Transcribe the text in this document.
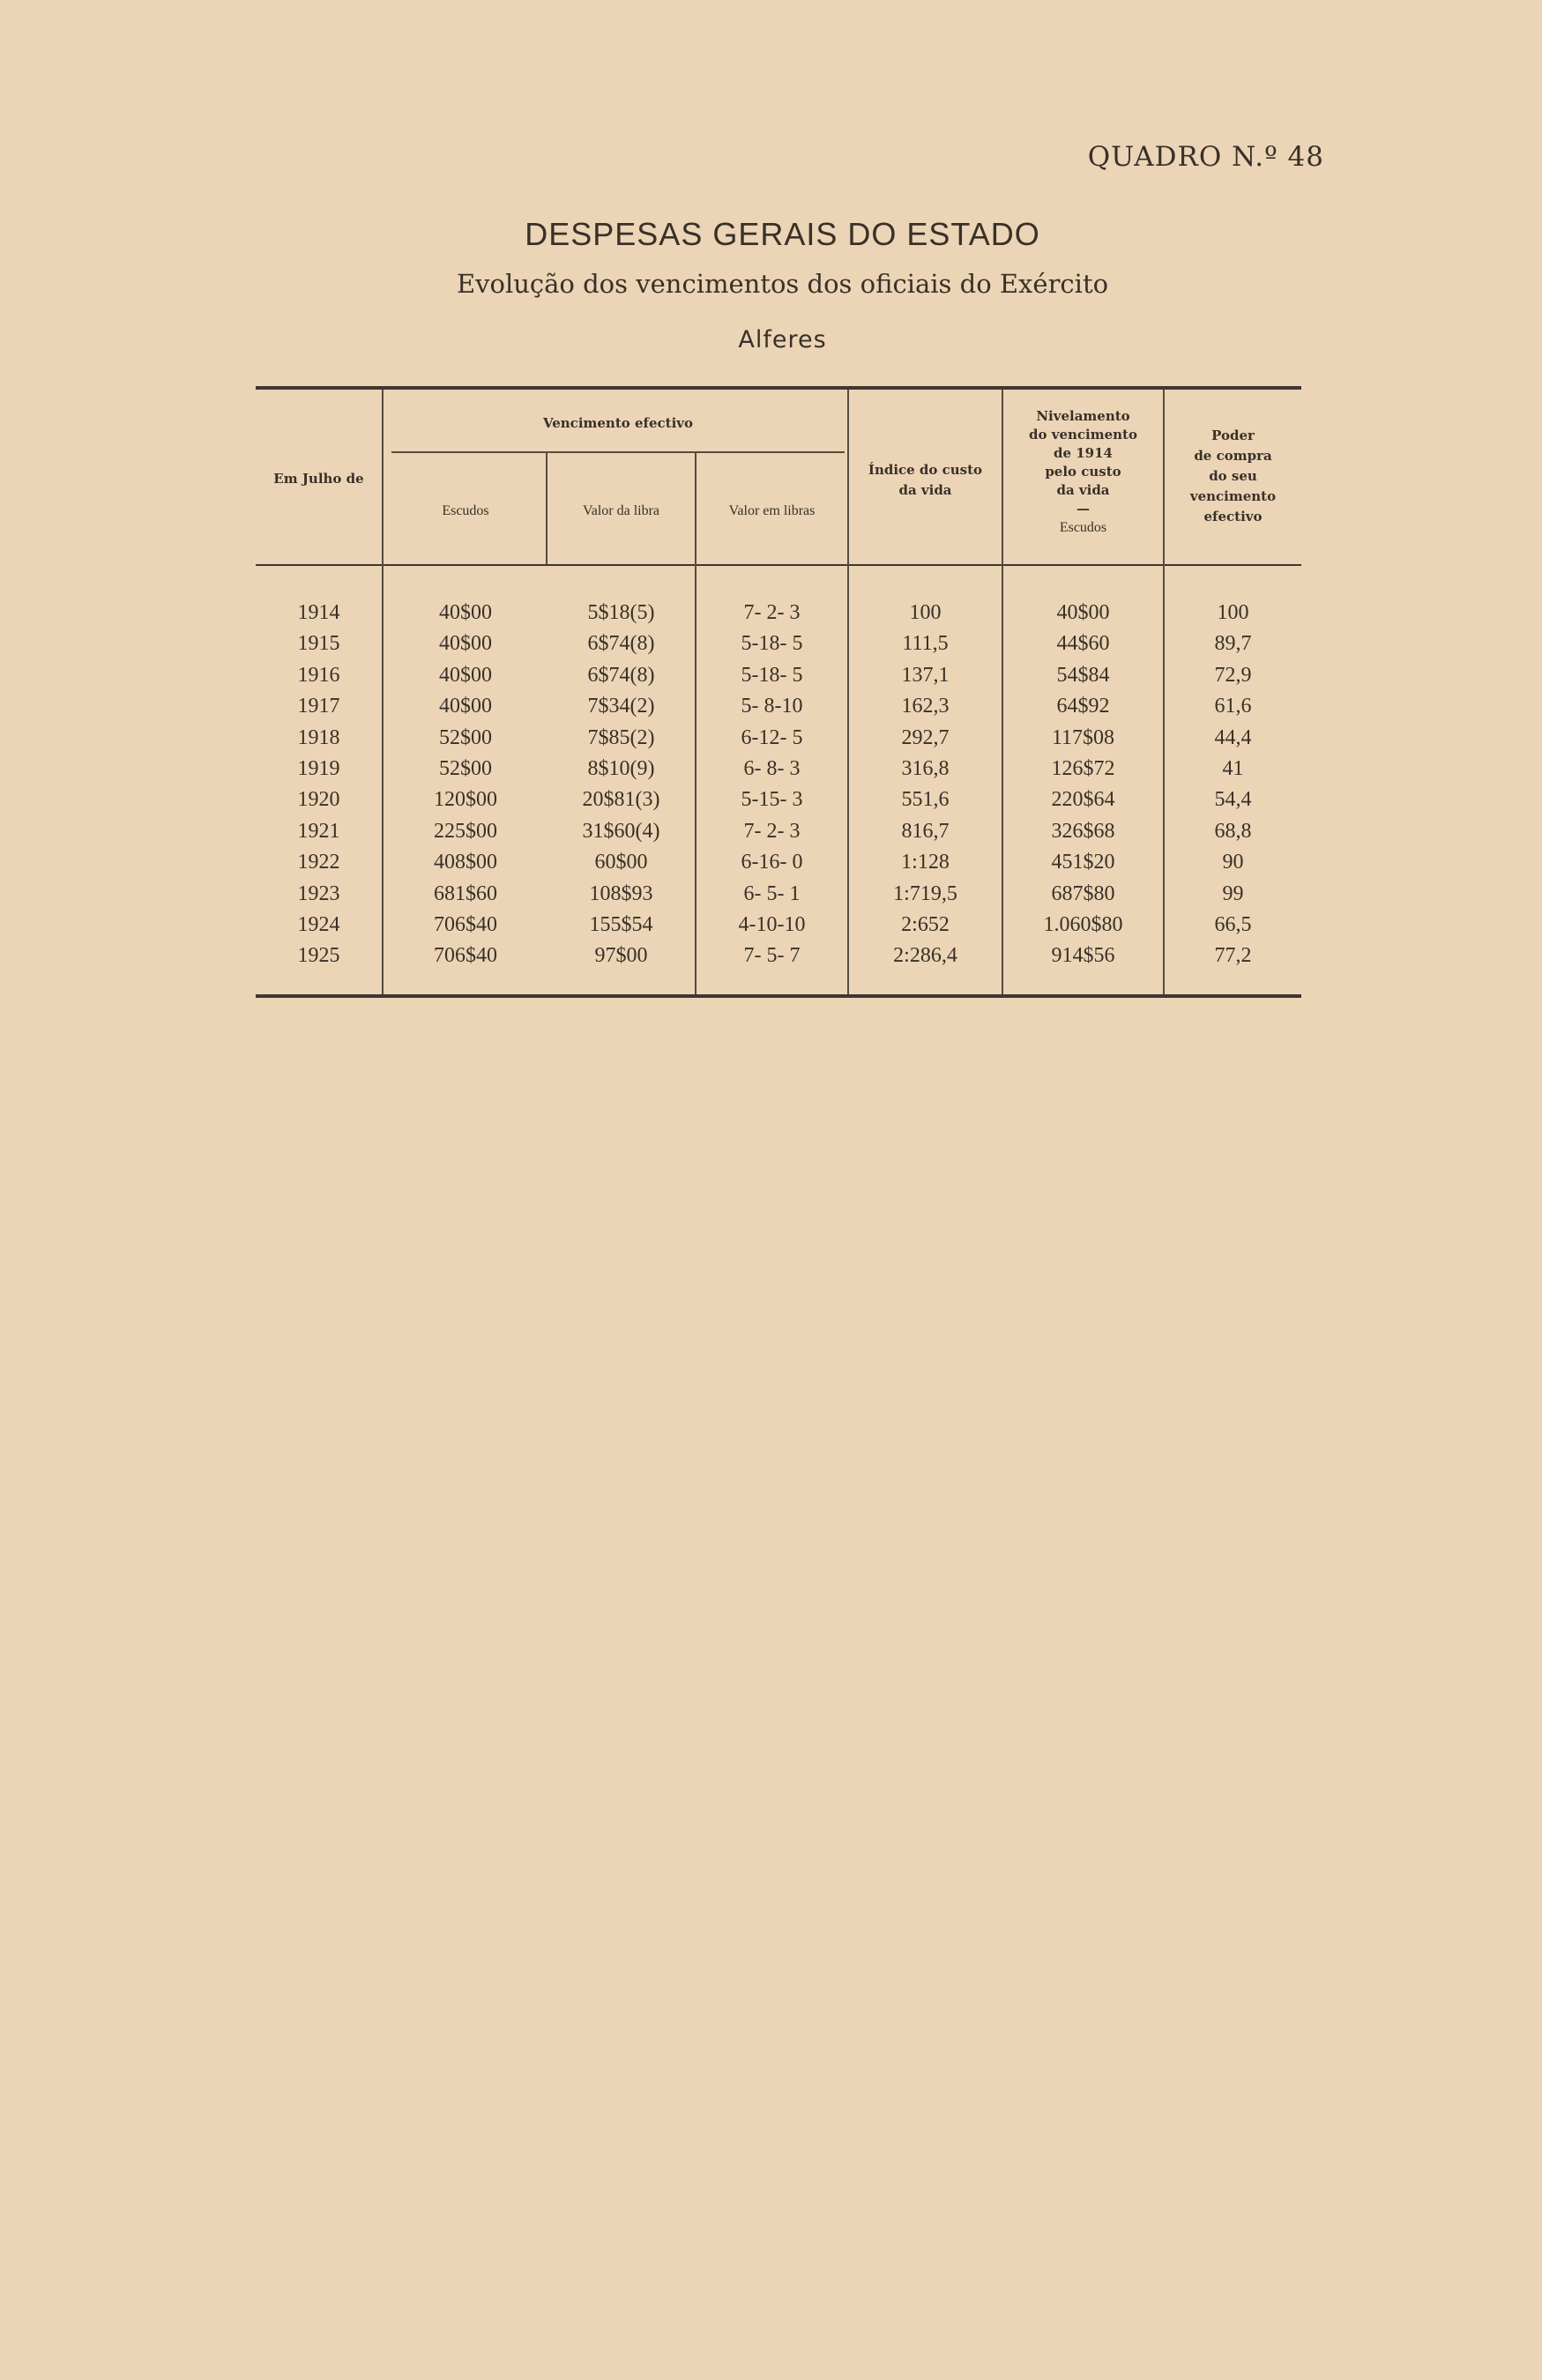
QUADRO N.º 48
DESPESAS GERAIS DO ESTADO
Evolução dos vencimentos dos oficiais do Exército
Alferes
Em Julho de
Vencimento efectivo
Escudos	Valor da libra	Valor em libras
Índice do custo
da vida
Nivelamento
do vencimento
de 1914
pelo custo
da vida
—
Escudos
Poder
de compra
do seu
vencimento
efectivo
1914	40$00	5$18(5)	7- 2- 3	100	40$00	100
1915	40$00	6$74(8)	5-18- 5	111,5	44$60	89,7
1916	40$00	6$74(8)	5-18- 5	137,1	54$84	72,9
1917	40$00	7$34(2)	5- 8-10	162,3	64$92	61,6
1918	52$00	7$85(2)	6-12- 5	292,7	117$08	44,4
1919	52$00	8$10(9)	6- 8- 3	316,8	126$72	41
1920	120$00	20$81(3)	5-15- 3	551,6	220$64	54,4
1921	225$00	31$60(4)	7- 2- 3	816,7	326$68	68,8
1922	408$00	60$00	6-16- 0	1:128	451$20	90
1923	681$60	108$93	6- 5- 1	1:719,5	687$80	99
1924	706$40	155$54	4-10-10	2:652	1.060$80	66,5
1925	706$40	97$00	7- 5- 7	2:286,4	914$56	77,2
